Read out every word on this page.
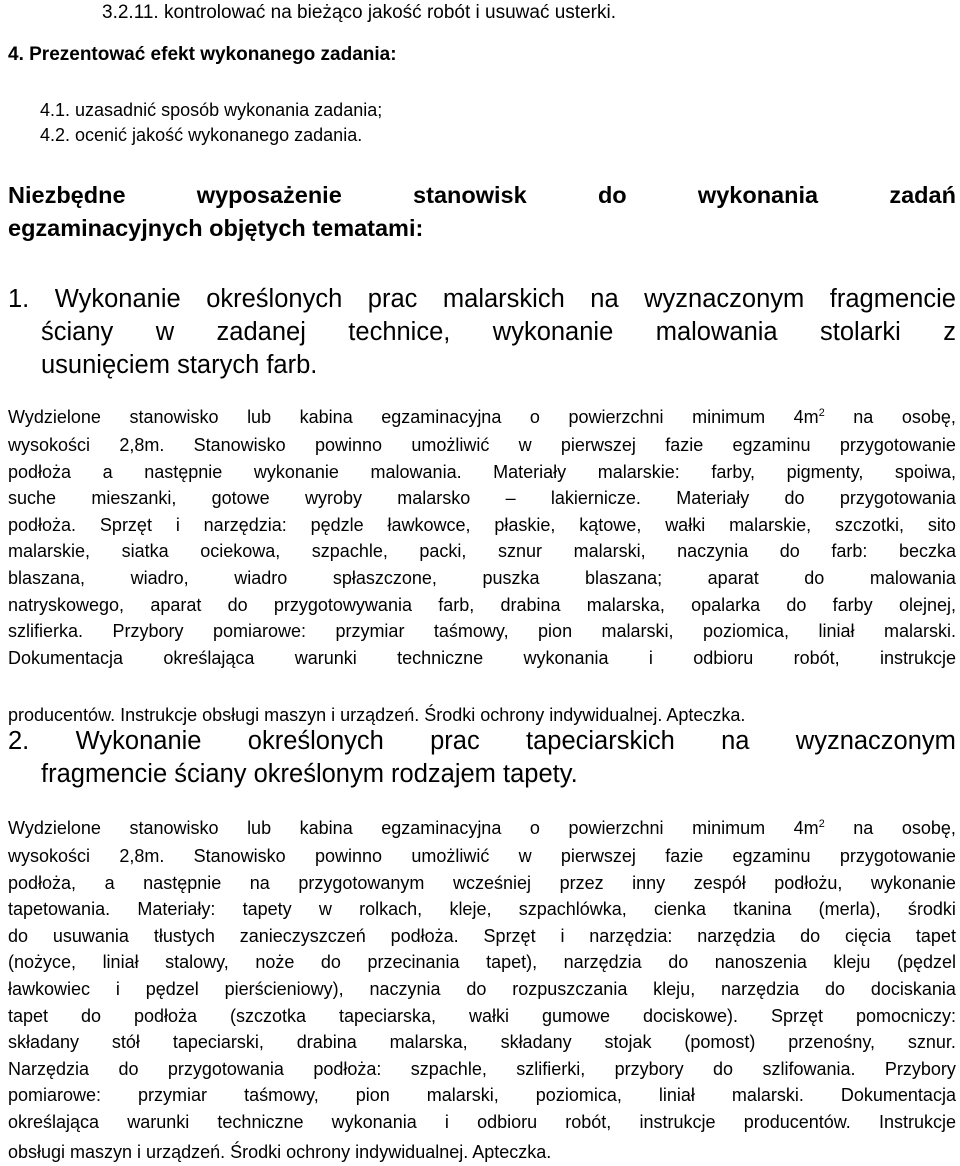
3.2.11. kontrolować na bieżąco jakość robót i usuwać usterki.
4. Prezentować efekt wykonanego zadania:
4.1. uzasadnić sposób wykonania zadania;
4.2. ocenić jakość wykonanego zadania.
Niezbędne	wyposażenie	stanowisk	do	wykonania	zadań
egzaminacyjnych objętych tematami:
1. Wykonanie określonych prac malarskich na wyznaczonym fragmencie
ściany w zadanej technice, wykonanie malowania stolarki z
usunięciem starych farb.
Wydzielone stanowisko lub kabina egzaminacyjna o powierzchni minimum $4m^2$ na osobę,
wysokości 2,8m. Stanowisko powinno umożliwić w pierwszej fazie egzaminu przygotowanie
podłoża a następnie wykonanie malowania. Materiały malarskie: farby, pigmenty, spoiwa,
suche mieszanki, gotowe wyroby malarsko – lakiernicze. Materiały do przygotowania
podłoża. Sprzęt i narzędzia: pędzle ławkowce, płaskie, kątowe, wałki malarskie, szczotki, sito
malarskie, siatka ociekowa, szpachle, packi, sznur malarski, naczynia do farb: beczka
blaszana,	wiadro,	wiadro	spłaszczone,	puszka	blaszana;	aparat	do	malowania
natryskowego, aparat do przygotowywania farb, drabina malarska, opalarka do farby olejnej,
szlifierka. Przybory pomiarowe: przymiar taśmowy, pion malarski, poziomica, liniał malarski.
Dokumentacja określająca warunki techniczne wykonania i odbioru robót, instrukcje
producentów. Instrukcje obsługi maszyn i urządzeń. Środki ochrony indywidualnej. Apteczka.
2. Wykonanie określonych prac tapeciarskich na wyznaczonym
fragmencie ściany określonym rodzajem tapety.
Wydzielone stanowisko lub kabina egzaminacyjna o powierzchni minimum $4m^2$ na osobę,
wysokości 2,8m. Stanowisko powinno umożliwić w pierwszej fazie egzaminu przygotowanie
podłoża, a następnie na przygotowanym wcześniej przez inny zespół podłożu, wykonanie
tapetowania. Materiały: tapety w rolkach, kleje, szpachlówka, cienka tkanina (merla), środki
do usuwania tłustych zanieczyszczeń podłoża. Sprzęt i narzędzia: narzędzia do cięcia tapet
(nożyce, liniał stalowy, noże do przecinania tapet), narzędzia do nanoszenia kleju (pędzel
ławkowiec i pędzel pierścieniowy), naczynia do rozpuszczania kleju, narzędzia do dociskania
tapet do podłoża (szczotka tapeciarska, wałki gumowe dociskowe). Sprzęt pomocniczy:
składany stół tapeciarski, drabina malarska, składany stojak (pomost) przenośny, sznur.
Narzędzia do przygotowania podłoża: szpachle, szlifierki, przybory do szlifowania. Przybory
pomiarowe: przymiar taśmowy, pion malarski, poziomica, liniał malarski. Dokumentacja
określająca warunki techniczne wykonania i odbioru robót, instrukcje producentów. Instrukcje
obsługi maszyn i urządzeń. Środki ochrony indywidualnej. Apteczka.
